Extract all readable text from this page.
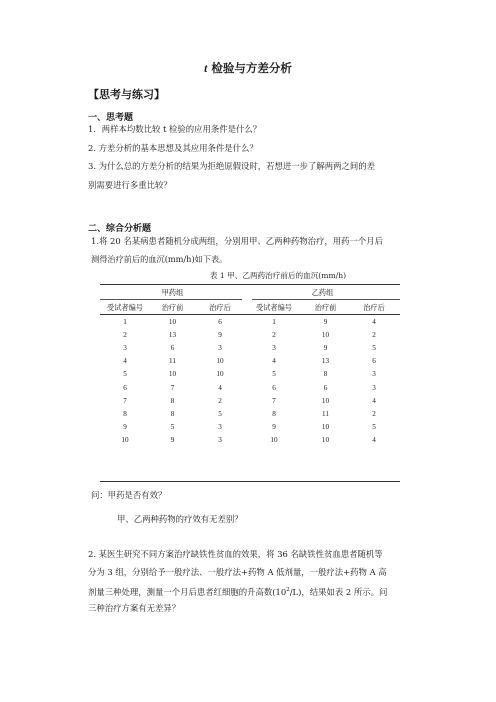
t 检验与方差分析
【思考与练习】
一、思考题
1．两样本均数比较 t 检验的应用条件是什么？
2. 方差分析的基本思想及其应用条件是什么？
3. 为什么总的方差分析的结果为拒绝原假设时，若想进一步了解两两之间的差
别需要进行多重比较？
二、综合分析题
1.将 20 名某病患者随机分成两组，分别用甲、乙两种药物治疗，用药一个月后
测得治疗前后的血沉(mm/h)如下表。
表 1 甲、乙两药治疗前后的血沉(mm/h)
甲药组			乙药组		
受试者编号	治疗前	治疗后	受试者编号	治疗前	治疗后
1	10	6	1	9	4
2	13	9	2	10	2
3	6	3	3	9	5
4	11	10	4	13	6
5	10	10	5	8	3
6	7	4	6	6	3
7	8	2	7	10	4
8	8	5	8	11	2
9	5	3	9	10	5
10	9	3	10	10	4
问：甲药是否有效？
甲、乙两种药物的疗效有无差别？
2. 某医生研究不同方案治疗缺铁性贫血的效果，将 36 名缺铁性贫血患者随机等
分为 3 组，分别给予一般疗法、一般疗法+药物 A 低剂量，一般疗法+药物 A 高
剂量三种处理，测量一个月后患者红细胞的升高数$(10^2/L)$，结果如表 2 所示。问
三种治疗方案有无差异？
